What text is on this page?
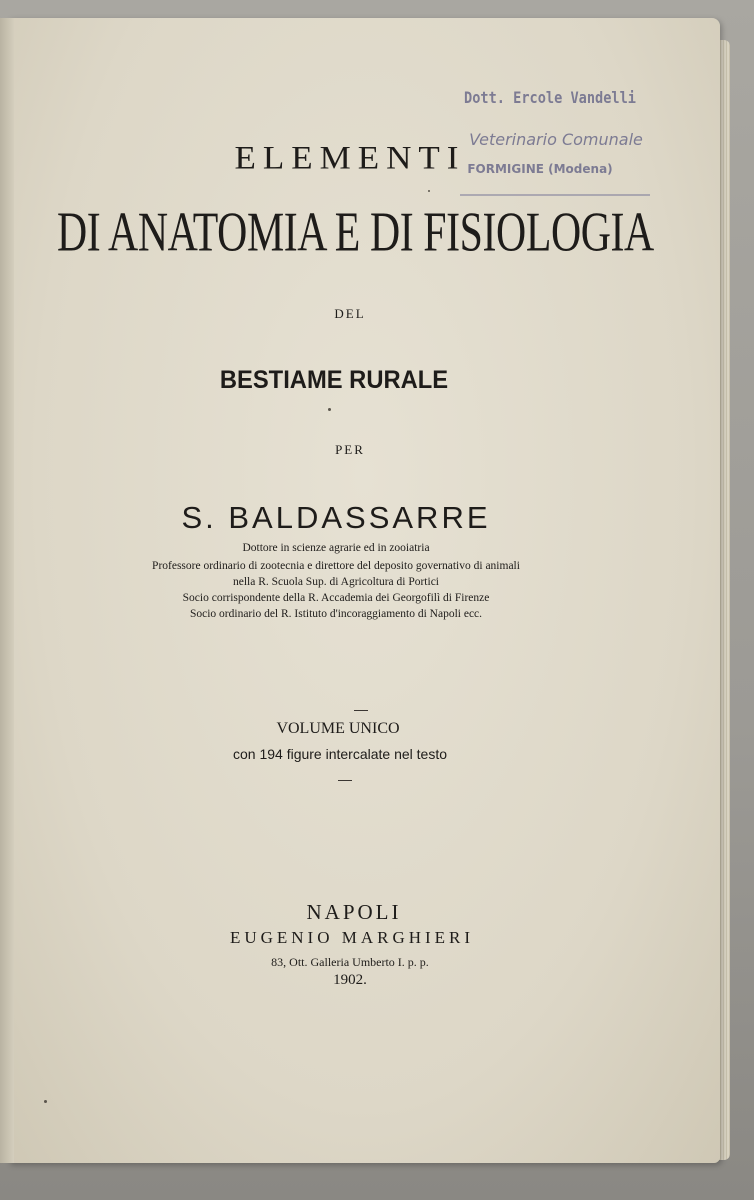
Dott. Ercole Vandelli
Veterinario Comunale
FORMIGINE (Modena)
ELEMENTI
DI ANATOMIA E DI FISIOLOGIA
DEL
BESTIAME RURALE
PER
S. BALDASSARRE
Dottore in scienze agrarie ed in zooiatria
Professore ordinario di zootecnia e direttore del deposito governativo di animali
nella R. Scuola Sup. di Agricoltura di Portici
Socio corrispondente della R. Accademia dei Georgofilì di Firenze
Socio ordinario del R. Istituto d'incoraggiamento di Napoli ecc.
VOLUME UNICO
con 194 figure intercalate nel testo
NAPOLI
EUGENIO MARGHIERI
83, Ott. Galleria Umberto I. p. p.
1902.
